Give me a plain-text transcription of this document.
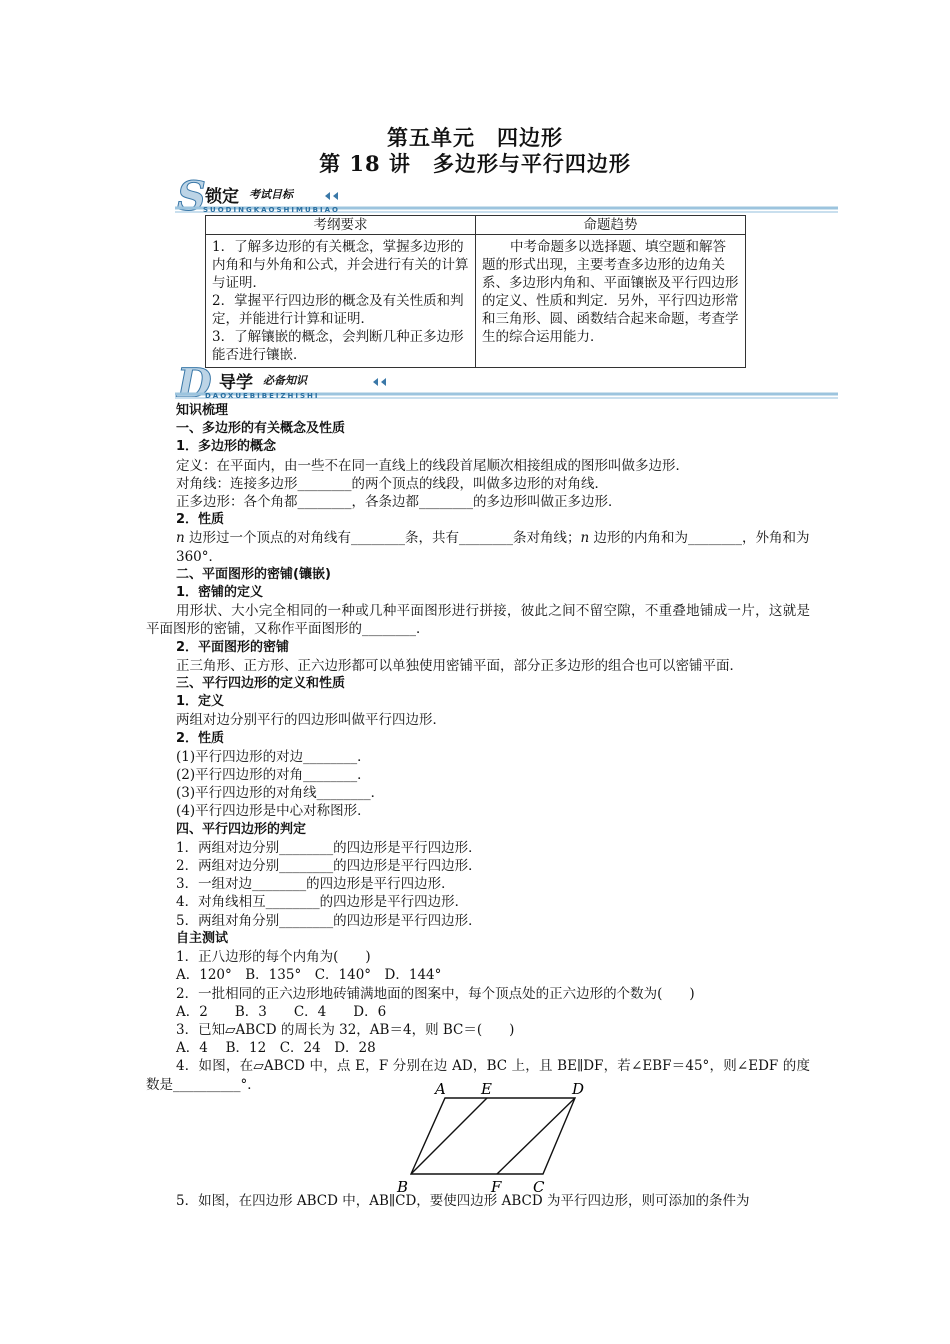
第五单元　四边形
第 18 讲　多边形与平行四边形
S 锁定 考试目标
SUODINGKAOSHIMUBIAO
考纲要求	命题趋势

1．了解多边形的有关概念，掌握多边形的内角和与外角和公式，并会进行有关的计算与证明．
2．掌握平行四边形的概念及有关性质和判定，并能进行计算和证明．
3．了解镶嵌的概念，会判断几种正多边形能否进行镶嵌．	中考命题多以选择题、填空题和解答题的形式出现，主要考查多边形的边角关系、多边形内角和、平面镶嵌及平行四边形的定义、性质和判定．另外，平行四边形常和三角形、圆、函数结合起来命题，考查学生的综合运用能力．
D 导学 必备知识
DAOXUEBIBEIZHISHI

知识梳理

一、多边形的有关概念及性质

1．多边形的概念

定义：在平面内，由一些不在同一直线上的线段首尾顺次相接组成的图形叫做多边形．

对角线：连接多边形________的两个顶点的线段，叫做多边形的对角线．

正多边形：各个角都________，各条边都________的多边形叫做正多边形．

2．性质

n 边形过一个顶点的对角线有________条，共有________条对角线；n 边形的内角和为________，外角和为 360°．

二、平面图形的密铺(镶嵌)

1．密铺的定义

用形状、大小完全相同的一种或几种平面图形进行拼接，彼此之间不留空隙，不重叠地铺成一片，这就是平面图形的密铺，又称作平面图形的________．

2．平面图形的密铺

正三角形、正方形、正六边形都可以单独使用密铺平面，部分正多边形的组合也可以密铺平面．

三、平行四边形的定义和性质

1．定义

两组对边分别平行的四边形叫做平行四边形．

2．性质

(1)平行四边形的对边________．

(2)平行四边形的对角________．

(3)平行四边形的对角线________．

(4)平行四边形是中心对称图形．

四、平行四边形的判定

1．两组对边分别________的四边形是平行四边形．

2．两组对边分别________的四边形是平行四边形．

3．一组对边________的四边形是平行四边形．

4．对角线相互________的四边形是平行四边形．

5．两组对角分别________的四边形是平行四边形．

自主测试

1．正八边形的每个内角为(　　)

A．120°　B．135°　C．140°　D．144°

2．一批相同的正六边形地砖铺满地面的图案中，每个顶点处的正六边形的个数为(　　)

A．2　　B．3　　C．4　　D．6

3．已知▱ABCD 的周长为 32，AB＝4，则 BC＝(　　)

A．4　 B．12　C．24　D．28

4．如图，在▱ABCD 中，点 E，F 分别在边 AD，BC 上，且 BE∥DF，若∠EBF＝45°，则∠EDF 的度数是__________°．	A E	D
B	F C

5．如图，在四边形 ABCD 中，AB∥CD，要使四边形 ABCD 为平行四边形，则可添加的条件为
